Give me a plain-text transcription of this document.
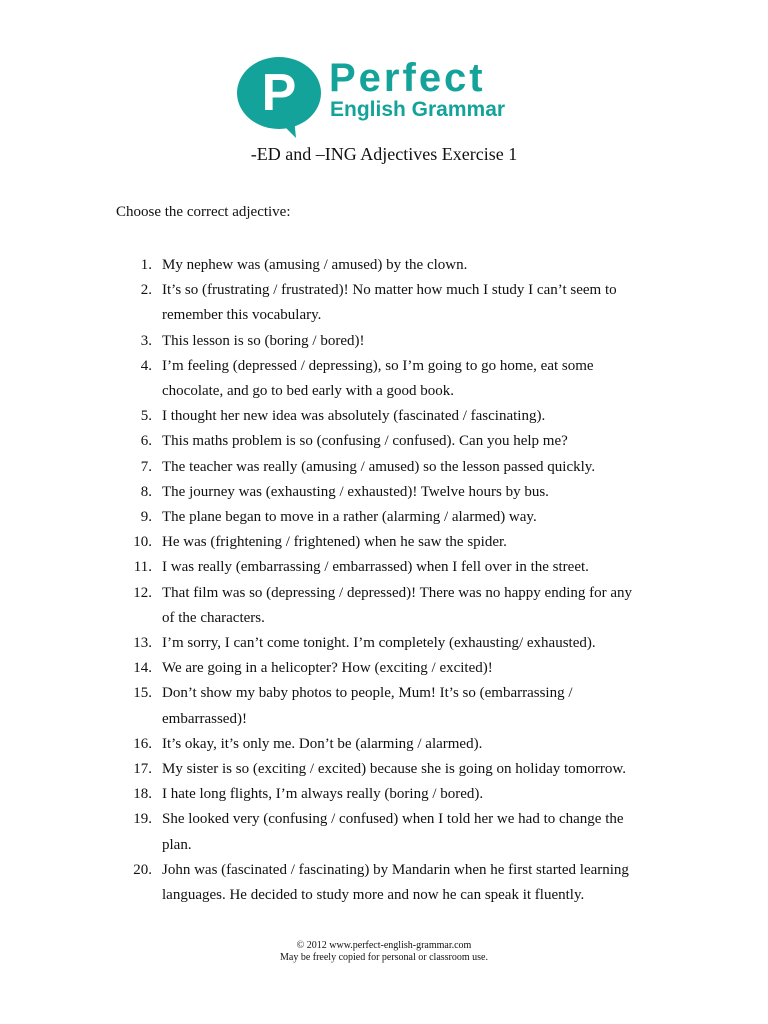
P Perfect
English Grammar
-ED and –ING Adjectives Exercise 1
Choose the correct adjective:
1. My nephew was (amusing / amused) by the clown.
2. It’s so (frustrating / frustrated)! No matter how much I study I can’t seem to
remember this vocabulary.
3. This lesson is so (boring / bored)!
4. I’m feeling (depressed / depressing), so I’m going to go home, eat some
chocolate, and go to bed early with a good book.
5. I thought her new idea was absolutely (fascinated / fascinating).
6. This maths problem is so (confusing / confused). Can you help me?
7. The teacher was really (amusing / amused) so the lesson passed quickly.
8. The journey was (exhausting / exhausted)! Twelve hours by bus.
9. The plane began to move in a rather (alarming / alarmed) way.
10. He was (frightening / frightened) when he saw the spider.
11. I was really (embarrassing / embarrassed) when I fell over in the street.
12. That film was so (depressing / depressed)! There was no happy ending for any
of the characters.
13. I’m sorry, I can’t come tonight. I’m completely (exhausting/ exhausted).
14. We are going in a helicopter? How (exciting / excited)!
15. Don’t show my baby photos to people, Mum! It’s so (embarrassing /
embarrassed)!
16. It’s okay, it’s only me. Don’t be (alarming / alarmed).
17. My sister is so (exciting / excited) because she is going on holiday tomorrow.
18. I hate long flights, I’m always really (boring / bored).
19. She looked very (confusing / confused) when I told her we had to change the
plan.
20. John was (fascinated / fascinating) by Mandarin when he first started learning
languages. He decided to study more and now he can speak it fluently.
© 2012 www.perfect-english-grammar.com
May be freely copied for personal or classroom use.
